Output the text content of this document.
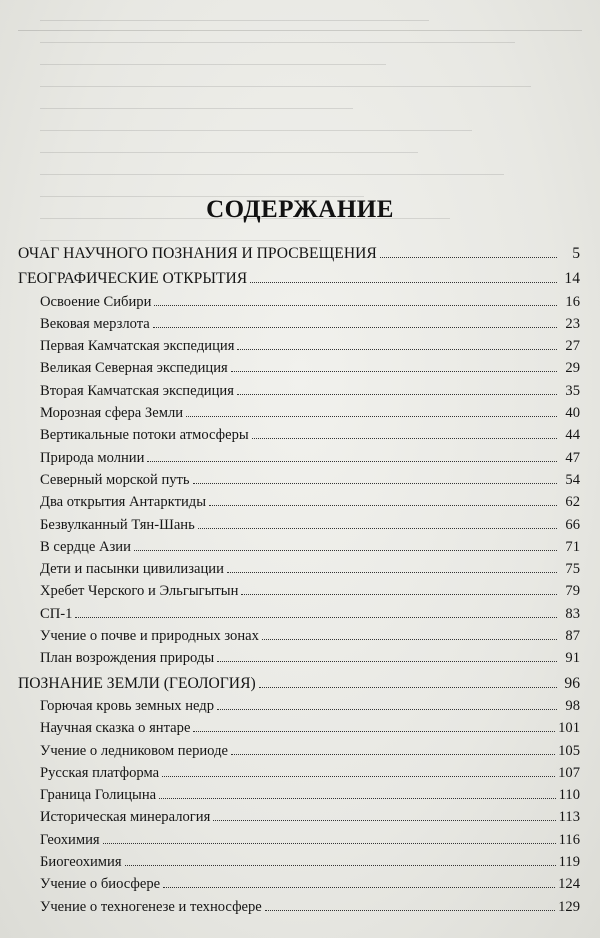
СОДЕРЖАНИЕ
ОЧАГ НАУЧНОГО ПОЗНАНИЯ И ПРОСВЕЩЕНИЯ	5
ГЕОГРАФИЧЕСКИЕ ОТКРЫТИЯ	14
Освоение Сибири	16
Вековая мерзлота	23
Первая Камчатская экспедиция	27
Великая Северная экспедиция	29
Вторая Камчатская экспедиция	35
Морозная сфера Земли	40
Вертикальные потоки атмосферы	44
Природа молнии	47
Северный морской путь	54
Два открытия Антарктиды	62
Безвулканный Тян-Шань	66
В сердце Азии	71
Дети и пасынки цивилизации	75
Хребет Черского и Эльгыгытын	79
СП-1	83
Учение о почве и природных зонах	87
План возрождения природы	91
ПОЗНАНИЕ ЗЕМЛИ (ГЕОЛОГИЯ)	96
Горючая кровь земных недр	98
Научная сказка о янтаре	101
Учение о ледниковом периоде	105
Русская платформа	107
Граница Голицына	110
Историческая минералогия	113
Геохимия	116
Биогеохимия	119
Учение о биосфере	124
Учение о техногенезе и техносфере	129
